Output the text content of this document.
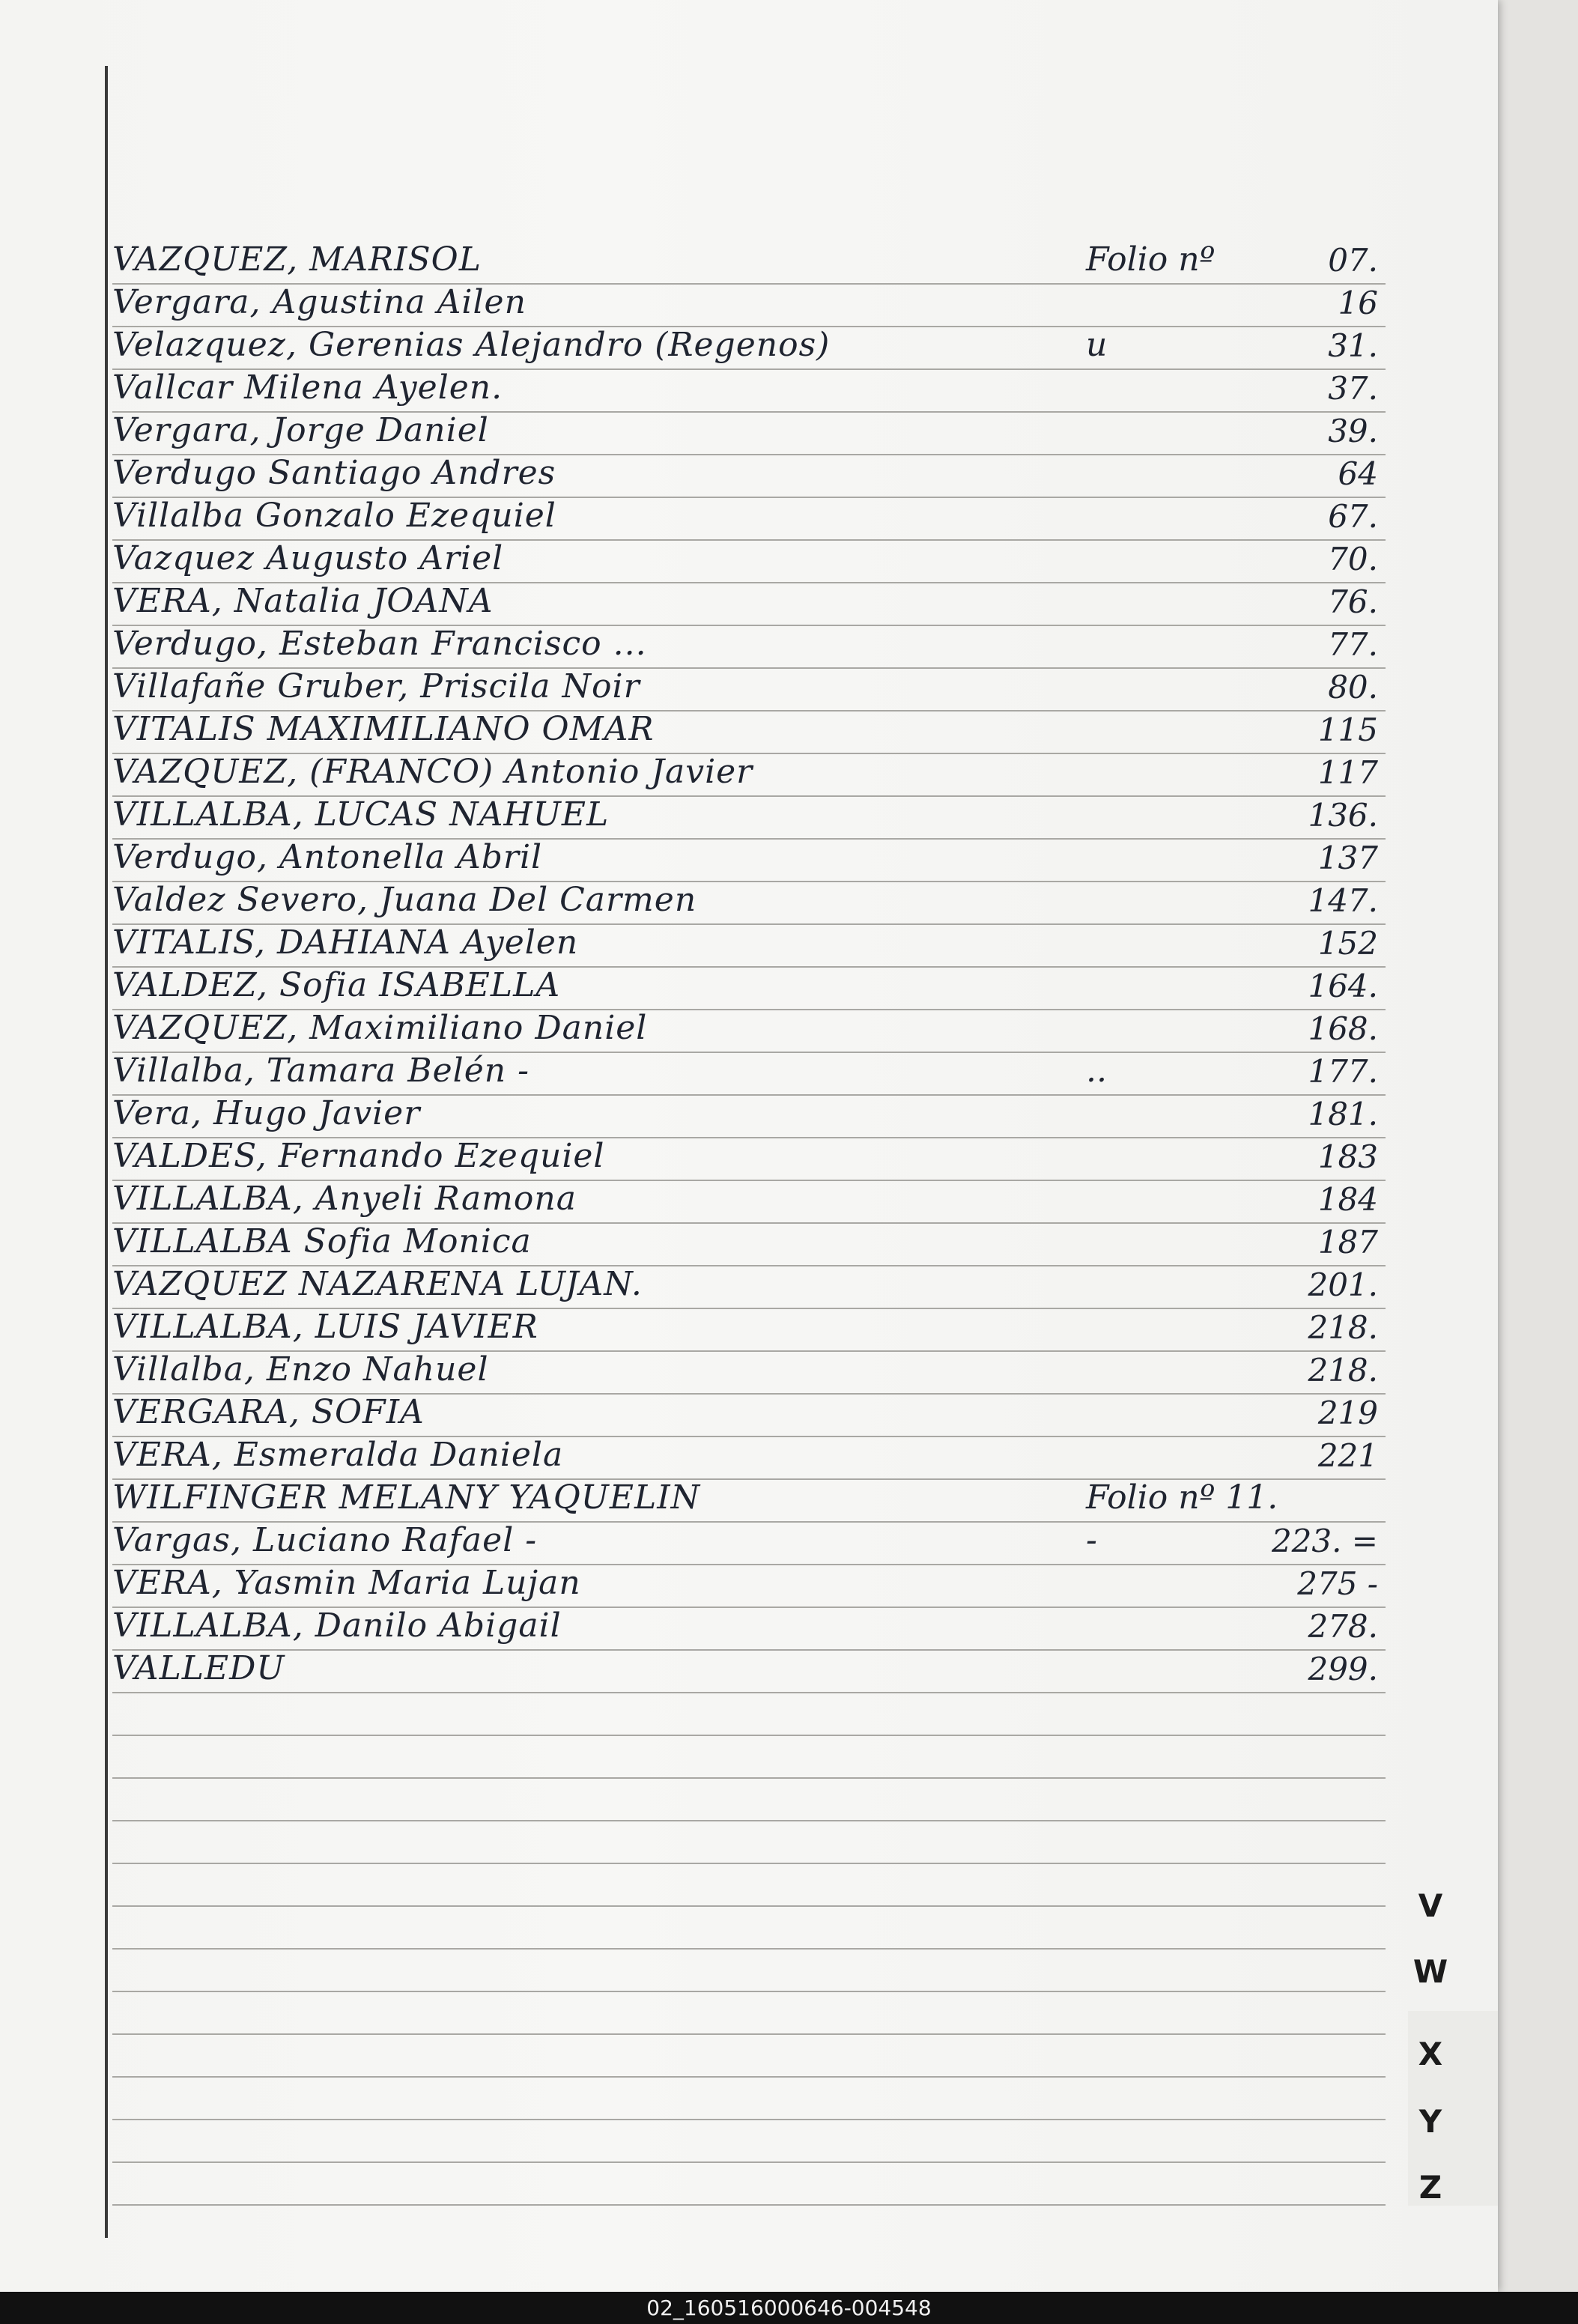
VAZQUEZ, MARISOL	Folio nº	07.
Vergara, Agustina Ailen	16
Velazquez, Gerenias Alejandro (Regenos)	u	31.
Vallcar Milena Ayelen.	37.
Vergara, Jorge Daniel	39.
Verdugo Santiago Andres	64
Villalba Gonzalo Ezequiel	67.
Vazquez Augusto Ariel	70.
VERA, Natalia JOANA	76.
Verdugo, Esteban Francisco ...	77.
Villafañe Gruber, Priscila Noir	80.
VITALIS MAXIMILIANO OMAR	115
VAZQUEZ, (FRANCO) Antonio Javier	117
VILLALBA, LUCAS NAHUEL	136.
Verdugo, Antonella Abril	137
Valdez Severo, Juana Del Carmen	147.
VITALIS, DAHIANA Ayelen	152
VALDEZ, Sofia ISABELLA	164.
VAZQUEZ, Maximiliano Daniel	168.
Villalba, Tamara Belén -	..	177.
Vera, Hugo Javier	181.
VALDES, Fernando Ezequiel	183
VILLALBA, Anyeli Ramona	184
VILLALBA Sofia Monica	187
VAZQUEZ NAZARENA LUJAN.	201.
VILLALBA, LUIS JAVIER	218.
Villalba, Enzo Nahuel	218.
VERGARA, SOFIA	219
VERA, Esmeralda Daniela	221
WILFINGER MELANY YAQUELIN	Folio nº 11.
Vargas, Luciano Rafael -	-	223. =
VERA, Yasmin Maria Lujan	275 -
VILLALBA, Danilo Abigail	278.
VALLEDU	299.
V
W
X
Y
Z
02_160516000646-004548
